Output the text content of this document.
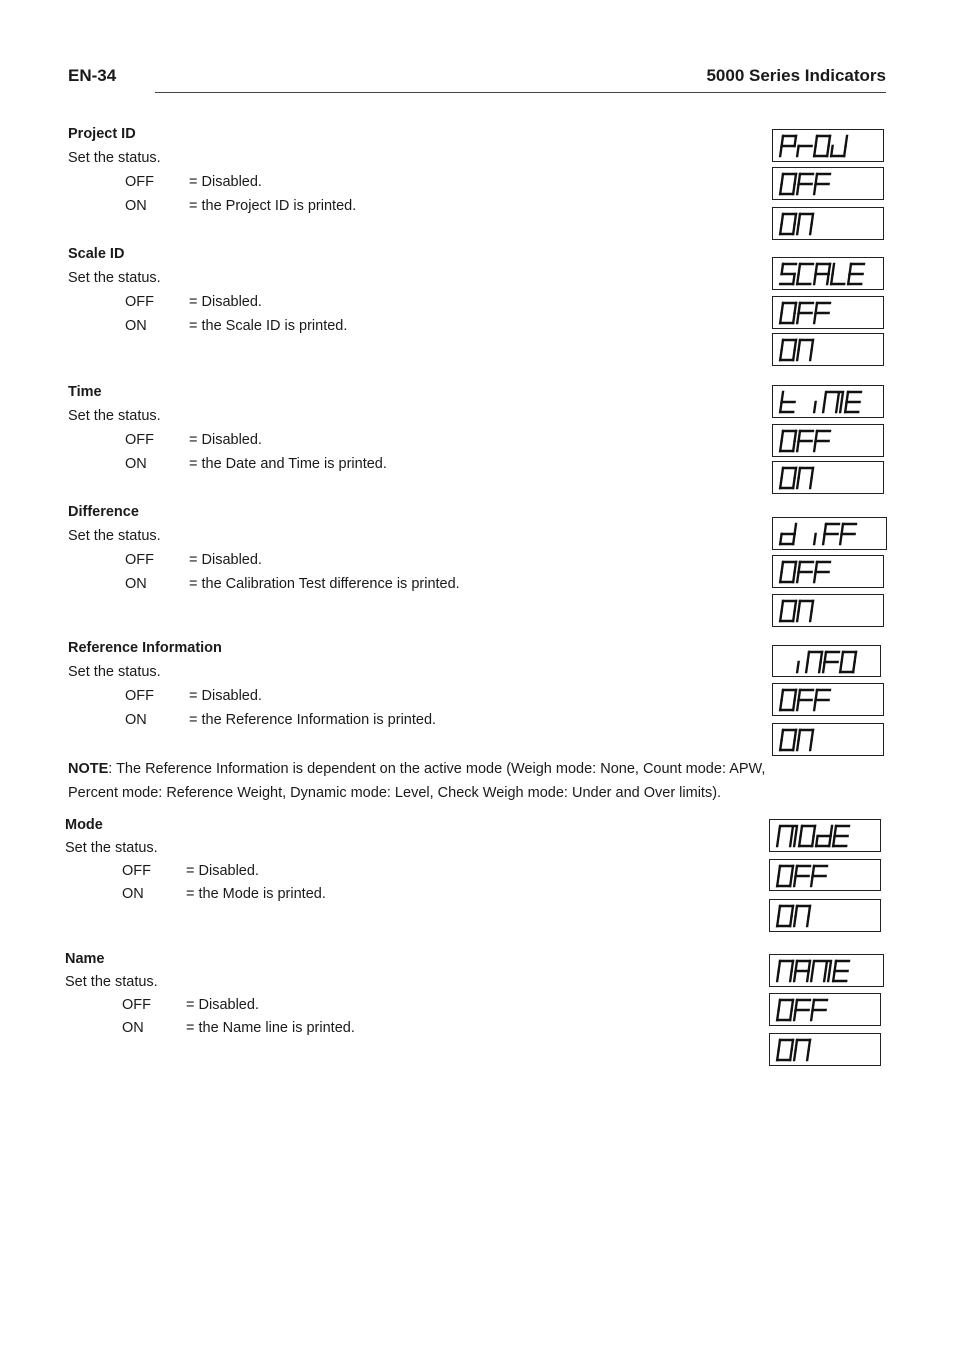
EN-34	5000 Series Indicators
Project ID
Set the status.
OFF = Disabled.
ON	= the Project ID is printed.
Scale ID
Set the status.
OFF = Disabled.
ON	= the Scale ID is printed.
Time
Set the status.
OFF = Disabled.
ON	= the Date and Time is printed.
Difference
Set the status.
OFF = Disabled.
ON	= the Calibration Test difference is printed.
Reference Information
Set the status.
OFF = Disabled.
ON	= the Reference Information is printed.
NOTE: The Reference Information is dependent on the active mode (Weigh mode: None, Count mode: APW, Percent mode: Reference Weight, Dynamic mode: Level, Check Weigh mode: Under and Over limits).
Mode
Set the status.
OFF = Disabled.
ON	= the Mode is printed.
Name
Set the status.
OFF = Disabled.
ON	= the Name line is printed.
